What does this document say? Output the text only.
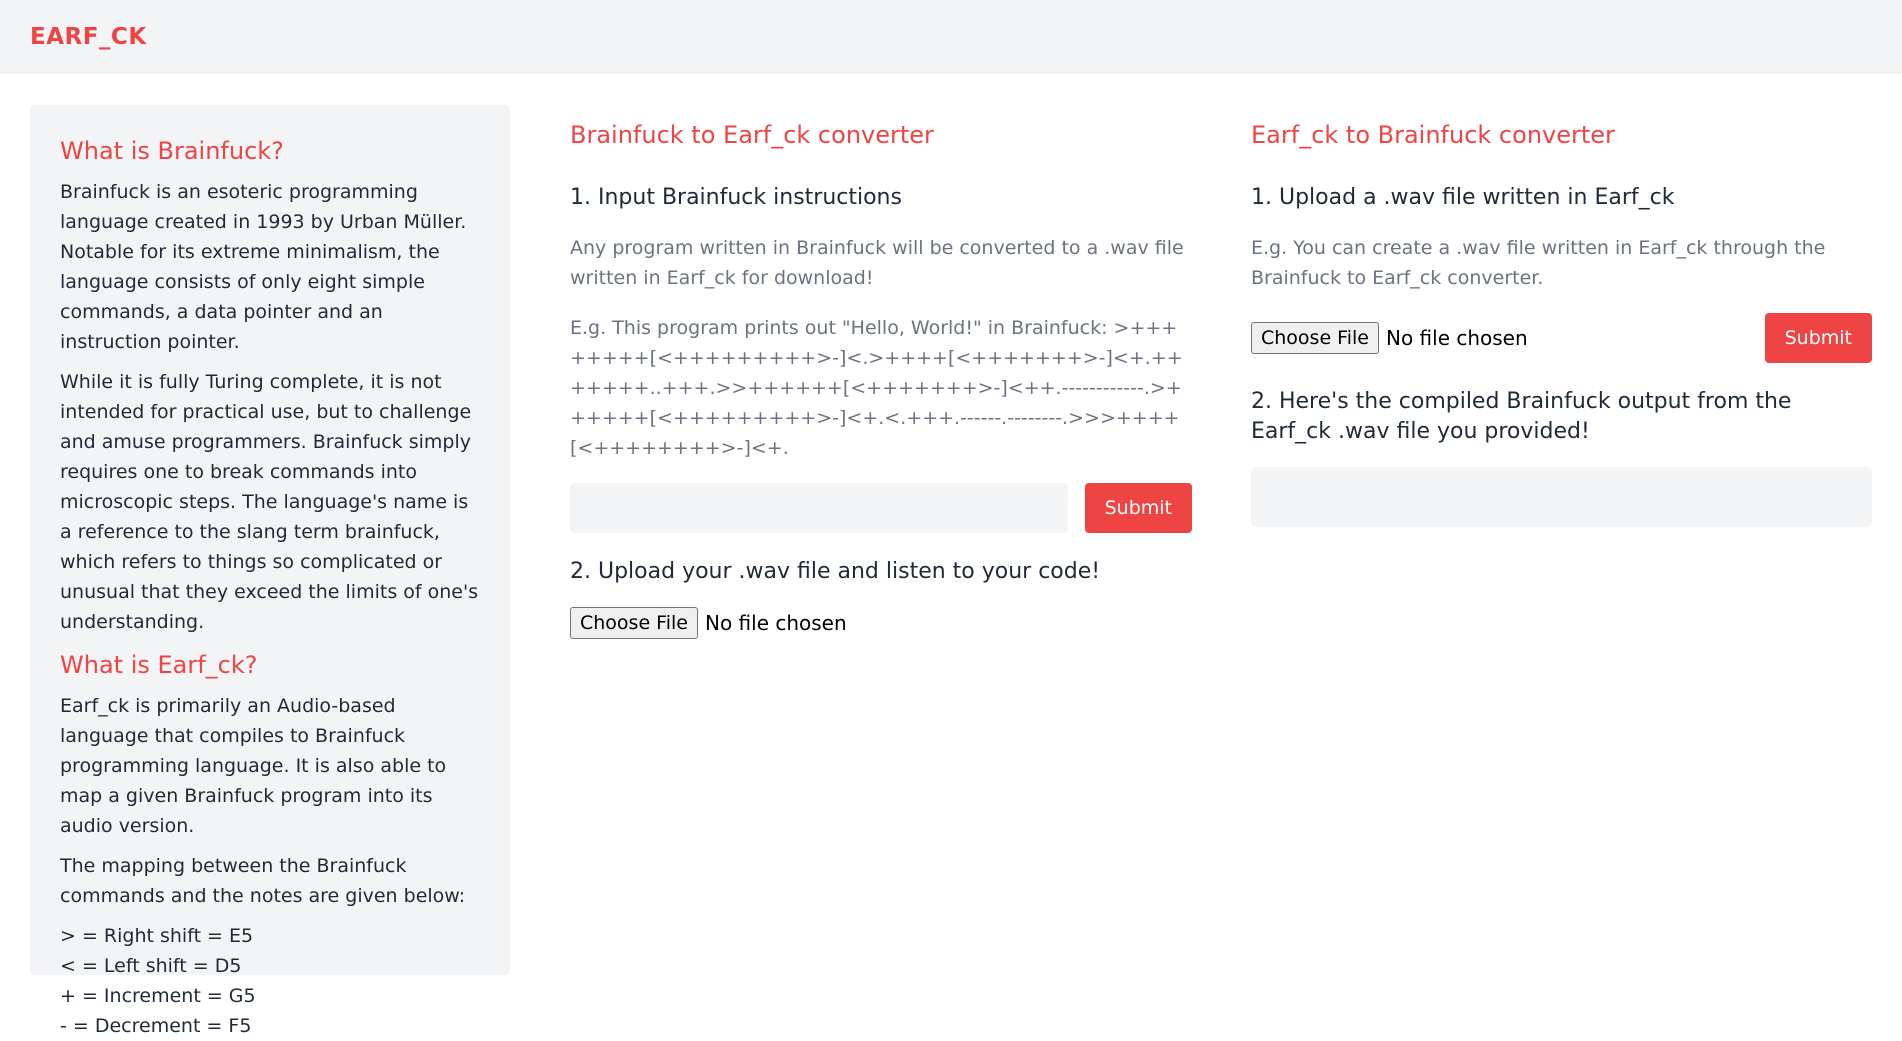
EARF_CK
What is Brainfuck?

Brainfuck is an esoteric programming language created in 1993 by Urban Müller. Notable for its extreme minimalism, the language consists of only eight simple commands, a data pointer and an instruction pointer.

While it is fully Turing complete, it is not intended for practical use, but to challenge and amuse programmers. Brainfuck simply requires one to break commands into microscopic steps. The language's name is a reference to the slang term brainfuck, which refers to things so complicated or unusual that they exceed the limits of one's understanding.

What is Earf_ck?

Earf_ck is primarily an Audio-based language that compiles to Brainfuck programming language. It is also able to map a given Brainfuck program into its audio version.

The mapping between the Brainfuck commands and the notes are given below:

> = Right shift = E5
< = Left shift = D5
+ = Increment = G5
- = Decrement = F5
Brainfuck to Earf_ck converter
1. Input Brainfuck instructions

Any program written in Brainfuck will be converted to a .wav file written in Earf_ck for download!

E.g. This program prints out "Hello, World!" in Brainfuck: >++++++++[<+++++++++>-]<.>++++[<+++++++>-]<+.+++++++..+++.>>++++++[<+++++++>-]<++.------------.>++++++[<+++++++++>-]<+.<.+++.------.--------.>>>++++[<++++++++>-]<+.

Submit
2. Upload your .wav file and listen to your code!
Choose File No file chosen
Earf_ck to Brainfuck converter
1. Upload a .wav file written in Earf_ck

E.g. You can create a .wav file written in Earf_ck through the Brainfuck to Earf_ck converter.

Choose File No file chosen	Submit
2. Here's the compiled Brainfuck output from the Earf_ck .wav file you provided!
